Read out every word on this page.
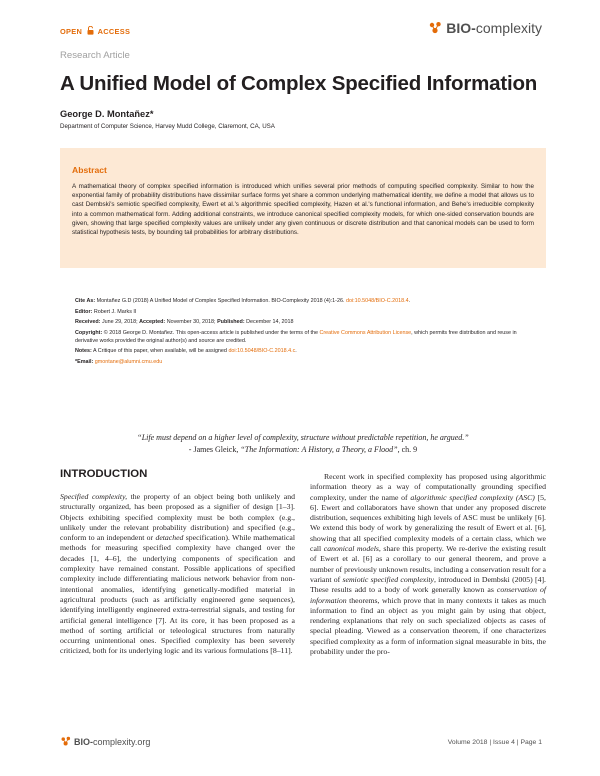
OPEN ACCESS	BIO-complexity
Research Article
A Unified Model of Complex Specified Information
George D. Montañez*
Department of Computer Science, Harvey Mudd College, Claremont, CA, USA
Abstract

A mathematical theory of complex specified information is introduced which unifies several prior methods of computing specified complexity. Similar to how the exponential family of probability distributions have dissimilar surface forms yet share a common underlying mathematical identity, we define a model that allows us to cast Dembski's semiotic specified complexity, Ewert et al.'s algorithmic specified complexity, Hazen et al.'s functional information, and Behe's irreducible complexity into a common mathematical form. Adding additional constraints, we introduce canonical specified complexity models, for which one-sided conservation bounds are given, showing that large specified complexity values are unlikely under any given continuous or discrete distribution and that canonical models can be used to form statistical hypothesis tests, by bounding tail probabilities for arbitrary distributions.

Cite As: Montañez G.D (2018) A Unified Model of Complex Specified Information. BIO-Complexity 2018 (4):1-26. doi:10.5048/BIO-C.2018.4.
Editor: Robert J. Marks II
Received: June 29, 2018; Accepted: November 30, 2018; Published: December 14, 2018
Copyright: © 2018 George D. Montañez. This open-access article is published under the terms of the Creative Commons Attribution License, which permits free distribution and reuse in derivative works provided the original author(s) and source are credited.
Notes: A Critique of this paper, when available, will be assigned doi:10.5048/BIO-C.2018.4.c.
*Email: gmontane@alumni.cmu.edu
“Life must depend on a higher level of complexity, structure without predictable repetition, he argued.”
- James Gleick, “The Information: A History, a Theory, a Flood”, ch. 9
INTRODUCTION

Specified complexity, the property of an object being both unlikely and structurally organized, has been proposed as a signifier of design [1–3]. Objects exhibiting specified complexity must be both complex (e.g., unlikely under the relevant probability distribution) and specified (e.g., conform to an independent or detached specification). While mathematical methods for measuring specified complexity have changed over the decades [1, 4–6], the underlying components of specification and complexity have remained constant. Possible applications of specified complexity include differentiating malicious network behavior from non-intentional anomalies, identifying genetically-modified material in agricultural products (such as artificially engineered gene sequences), identifying intelligently engineered extra-terrestrial signals, and testing for artificial general intelligence [7]. At its core, it has been proposed as a method of sorting artificial or teleological structures from naturally occurring unintentional ones. Specified complexity has been severely criticized, both for its underlying logic and its various formulations [8–11].

Recent work in specified complexity has proposed using algorithmic information theory as a way of computationally grounding specified complexity, under the name of algorithmic specified complexity (ASC) [5, 6]. Ewert and collaborators have shown that under any proposed discrete distribution, sequences exhibiting high levels of ASC must be unlikely [6]. We extend this body of work by generalizing the result of Ewert et al. [6], showing that all specified complexity models of a certain class, which we call canonical models, share this property. We re-derive the existing result of Ewert et al. [6] as a corollary to our general theorem, and prove a number of previously unknown results, including a conservation result for a variant of semiotic specified complexity, introduced in Dembski (2005) [4]. These results add to a body of work generally known as conservation of information theorems, which prove that in many contexts it takes as much information to find an object as you might gain by using that object, rendering explanations that rely on such specialized objects as cases of special pleading. Viewed as a conservation theorem, if one characterizes specified complexity as a form of information signal measurable in bits, the probability under the pro-

BIO-complexity.org	Volume 2018 | Issue 4 | Page 1
